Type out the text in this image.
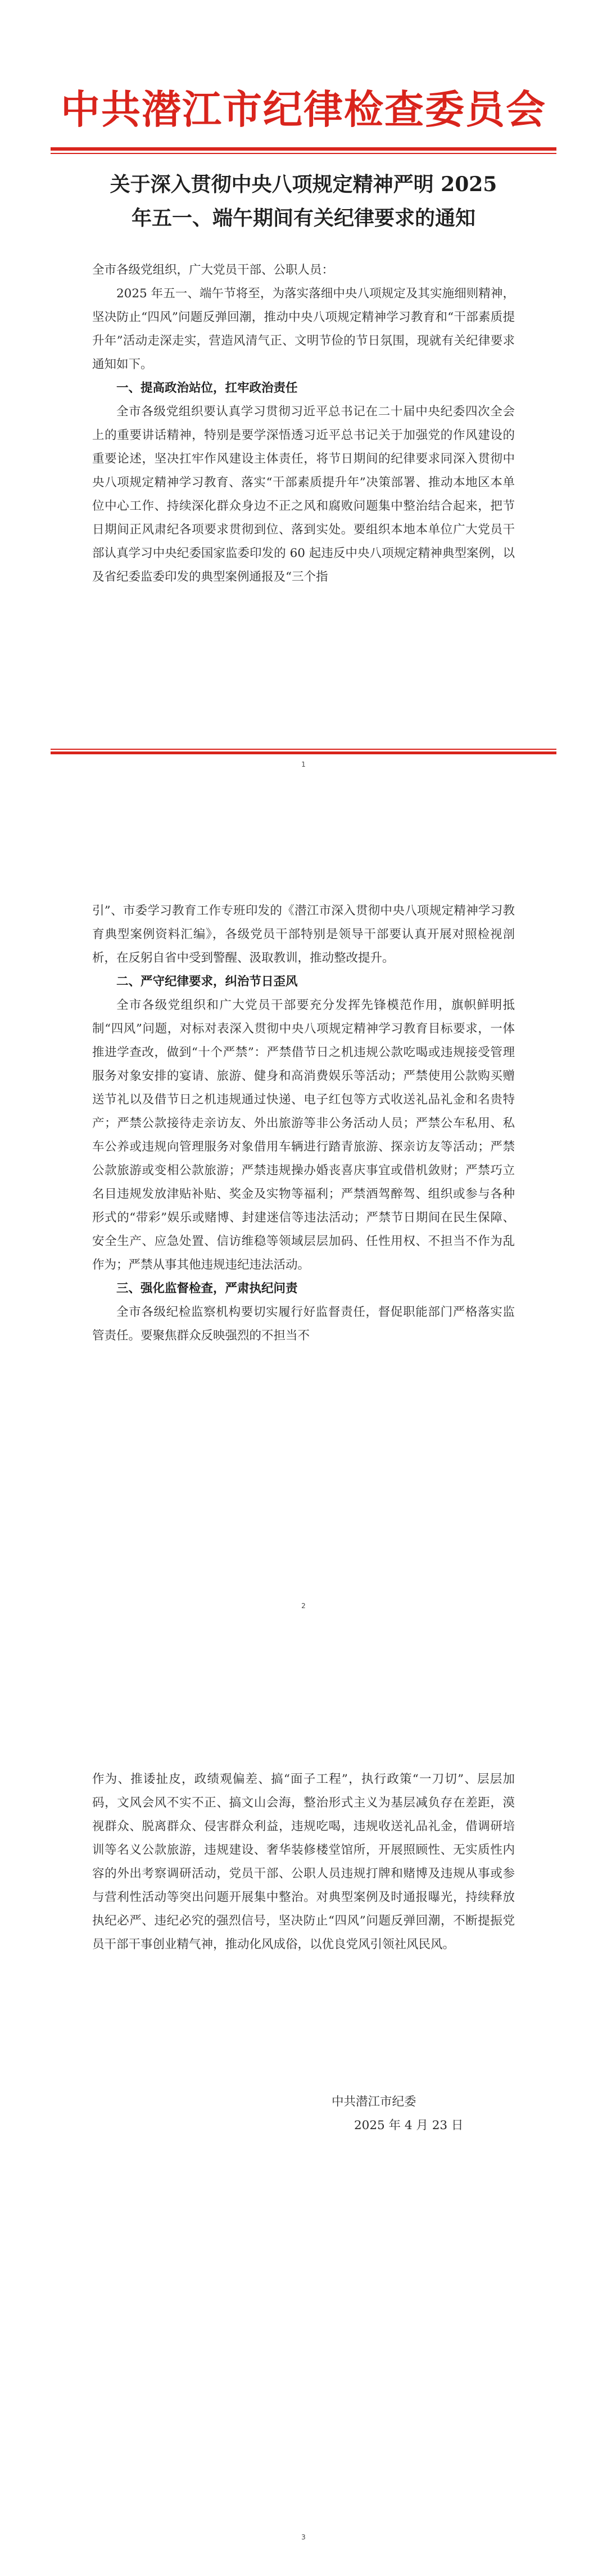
中共潜江市纪律检查委员会
关于深入贯彻中央八项规定精神严明 2025
年五一、端午期间有关纪律要求的通知

全市各级党组织，广大党员干部、公职人员：

2025 年五一、端午节将至，为落实落细中央八项规定及其实施细则精神，坚决防止“四风”问题反弹回潮，推动中央八项规定精神学习教育和“干部素质提升年”活动走深走实，营造风清气正、文明节俭的节日氛围，现就有关纪律要求通知如下。

一、提高政治站位，扛牢政治责任

全市各级党组织要认真学习贯彻习近平总书记在二十届中央纪委四次全会上的重要讲话精神，特别是要学深悟透习近平总书记关于加强党的作风建设的重要论述，坚决扛牢作风建设主体责任，将节日期间的纪律要求同深入贯彻中央八项规定精神学习教育、落实“干部素质提升年”决策部署、推动本地区本单位中心工作、持续深化群众身边不正之风和腐败问题集中整治结合起来，把节日期间正风肃纪各项要求贯彻到位、落到实处。要组织本地本单位广大党员干部认真学习中央纪委国家监委印发的 60 起违反中央八项规定精神典型案例，以及省纪委监委印发的典型案例通报及“三个指

1

引”、市委学习教育工作专班印发的《潜江市深入贯彻中央八项规定精神学习教育典型案例资料汇编》，各级党员干部特别是领导干部要认真开展对照检视剖析，在反躬自省中受到警醒、汲取教训，推动整改提升。

二、严守纪律要求，纠治节日歪风

全市各级党组织和广大党员干部要充分发挥先锋模范作用，旗帜鲜明抵制“四风”问题，对标对表深入贯彻中央八项规定精神学习教育目标要求，一体推进学查改，做到“十个严禁”：严禁借节日之机违规公款吃喝或违规接受管理服务对象安排的宴请、旅游、健身和高消费娱乐等活动；严禁使用公款购买赠送节礼以及借节日之机违规通过快递、电子红包等方式收送礼品礼金和名贵特产；严禁公款接待走亲访友、外出旅游等非公务活动人员；严禁公车私用、私车公养或违规向管理服务对象借用车辆进行踏青旅游、探亲访友等活动；严禁公款旅游或变相公款旅游；严禁违规操办婚丧喜庆事宜或借机敛财；严禁巧立名目违规发放津贴补贴、奖金及实物等福利；严禁酒驾醉驾、组织或参与各种形式的“带彩”娱乐或赌博、封建迷信等违法活动；严禁节日期间在民生保障、安全生产、应急处置、信访维稳等领域层层加码、任性用权、不担当不作为乱作为；严禁从事其他违规违纪违法活动。

三、强化监督检查，严肃执纪问责

全市各级纪检监察机构要切实履行好监督责任，督促职能部门严格落实监管责任。要聚焦群众反映强烈的不担当不

2

作为、推诿扯皮，政绩观偏差、搞“面子工程”，执行政策“一刀切”、层层加码，文风会风不实不正、搞文山会海，整治形式主义为基层减负存在差距，漠视群众、脱离群众、侵害群众利益，违规吃喝，违规收送礼品礼金，借调研培训等名义公款旅游，违规建设、奢华装修楼堂馆所，开展照顾性、无实质性内容的外出考察调研活动，党员干部、公职人员违规打牌和赌博及违规从事或参与营利性活动等突出问题开展集中整治。对典型案例及时通报曝光，持续释放执纪必严、违纪必究的强烈信号，坚决防止“四风”问题反弹回潮，不断提振党员干部干事创业精气神，推动化风成俗，以优良党风引领社风民风。

中共潜江市纪委
2025 年 4 月 23 日
3
